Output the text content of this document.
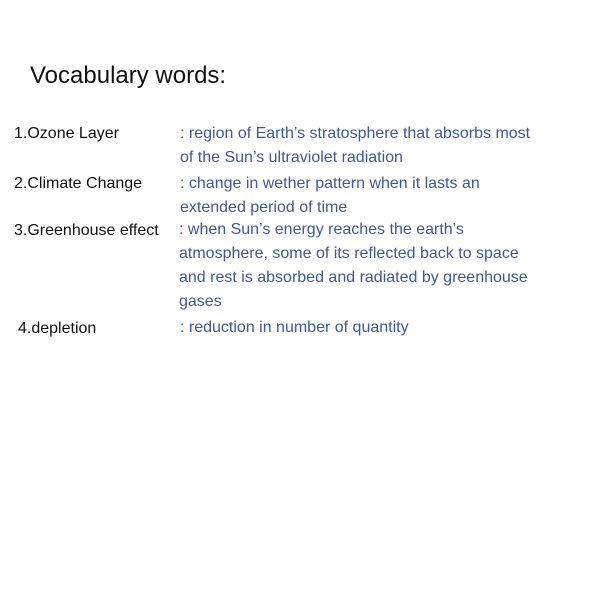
Vocabulary words:
1.Ozone Layer	: region of Earth’s stratosphere that absorbs most
of the Sun’s ultraviolet radiation
2.Climate Change : change in wether pattern when it lasts an
extended period of time
3.Greenhouse effect : when Sun’s energy reaches the earth’s
atmosphere, some of its reflected back to space
and rest is absorbed and radiated by greenhouse
gases
4.depletion	: reduction in number of quantity
